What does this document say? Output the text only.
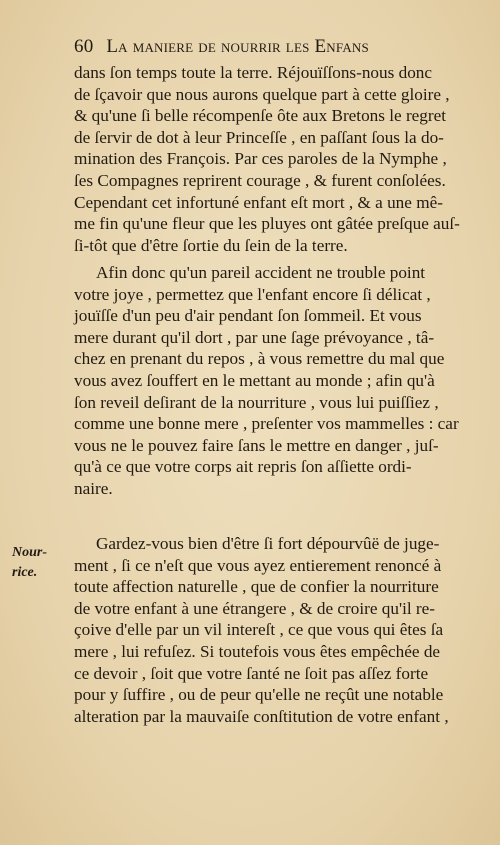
60 La maniere de nourrir les Enfans
Nour-
rice.
dans ſon temps toute la terre. Réjouïſſons-nous donc
de ſçavoir que nous aurons quelque part à cette gloire ,
& qu'une ſi belle récompenſe ôte aux Bretons le regret
de ſervir de dot à leur Princeſſe , en paſſant ſous la do-
mination des François. Par ces paroles de la Nymphe ,
ſes Compagnes reprirent courage , & furent conſolées.
Cependant cet infortuné enfant eſt mort , & a une mê-
me fin qu'une fleur que les pluyes ont gâtée preſque auſ-
ſi-tôt que d'être ſortie du ſein de la terre.
Afin donc qu'un pareil accident ne trouble point
votre joye , permettez que l'enfant encore ſi délicat ,
jouïſſe d'un peu d'air pendant ſon ſommeil. Et vous
mere durant qu'il dort , par une ſage prévoyance , tâ-
chez en prenant du repos , à vous remettre du mal que
vous avez ſouffert en le mettant au monde ; afin qu'à
ſon reveil deſirant de la nourriture , vous lui puiſſiez ,
comme une bonne mere , preſenter vos mammelles : car
vous ne le pouvez faire ſans le mettre en danger , juſ-
qu'à ce que votre corps ait repris ſon aſſiette ordi-
naire.
Gardez-vous bien d'être ſi fort dépourvûë de juge-
ment , ſi ce n'eſt que vous ayez entierement renoncé à
toute affection naturelle , que de confier la nourriture
de votre enfant à une étrangere , & de croire qu'il re-
çoive d'elle par un vil intereſt , ce que vous qui êtes ſa
mere , lui refuſez. Si toutefois vous êtes empêchée de
ce devoir , ſoit que votre ſanté ne ſoit pas aſſez forte
pour y ſuffire , ou de peur qu'elle ne reçût une notable
alteration par la mauvaiſe conſtitution de votre enfant ,
